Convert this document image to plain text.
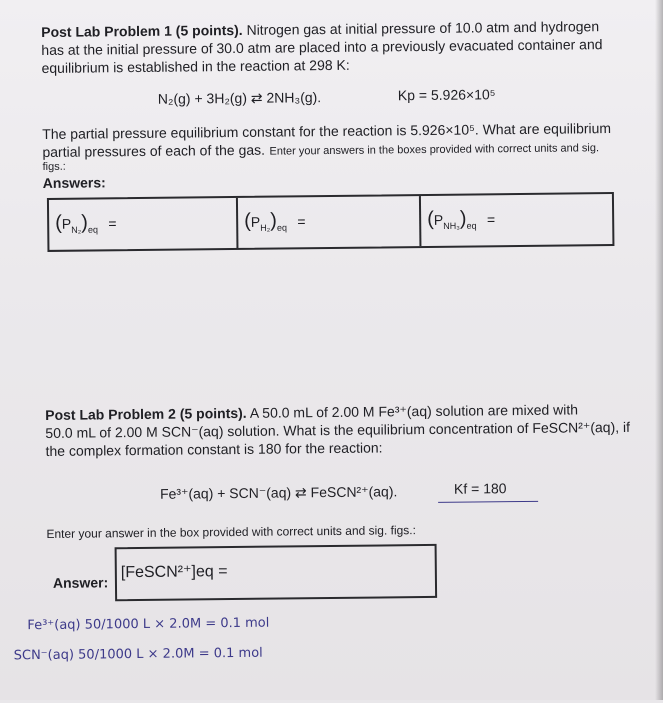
Post Lab Problem 1 (5 points). Nitrogen gas at initial pressure of 10.0 atm and hydrogen
has at the initial pressure of 30.0 atm are placed into a previously evacuated container and
equilibrium is established in the reaction at 298 K:
N₂(g) + 3H₂(g) ⇄ 2NH₃(g).	Kp = 5.926×10⁵
The partial pressure equilibrium constant for the reaction is 5.926×10⁵. What are equilibrium
partial pressures of each of the gas. Enter your answers in the boxes provided with correct units and sig.
figs.:
Answers:
$(P_{N_2})_{eq}$ =	$(P_{H_2})_{eq}$ =	$(P_{NH_3})_{eq}$ =
Post Lab Problem 2 (5 points). A 50.0 mL of 2.00 M Fe³⁺(aq) solution are mixed with
50.0 mL of 2.00 M SCN⁻(aq) solution. What is the equilibrium concentration of FeSCN²⁺(aq), if
the complex formation constant is 180 for the reaction:
Fe³⁺(aq) + SCN⁻(aq) ⇄ FeSCN²⁺(aq).	Kf = 180
Enter your answer in the box provided with correct units and sig. figs.:
Answer:
[FeSCN²⁺]eq =
Fe³⁺(aq) 50/1000 L × 2.0M = 0.1 mol
SCN⁻(aq) 50/1000 L × 2.0M = 0.1 mol
